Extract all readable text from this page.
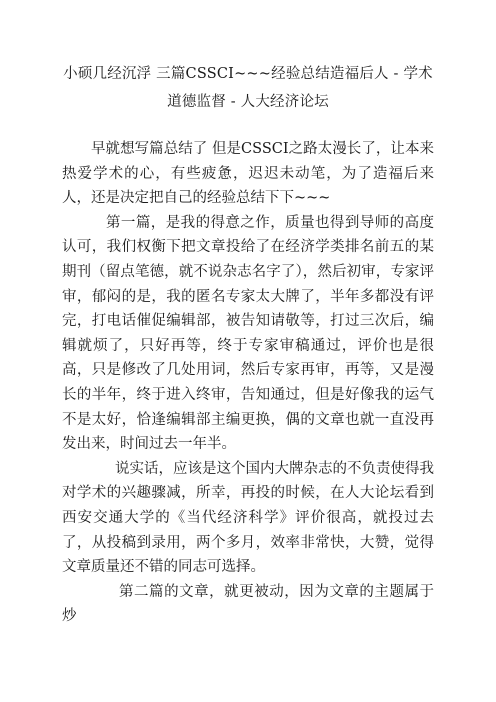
小硕几经沉浮 三篇CSSCI~~~经验总结造福后人 - 学术道德监督 - 人大经济论坛

早就想写篇总结了 但是CSSCI之路太漫长了，让本来热爱学术的心，有些疲惫，迟迟未动笔，为了造福后来人，还是决定把自己的经验总结下下~~~

第一篇，是我的得意之作，质量也得到导师的高度认可，我们权衡下把文章投给了在经济学类排名前五的某期刊（留点笔德，就不说杂志名字了），然后初审，专家评审，郁闷的是，我的匿名专家太大牌了，半年多都没有评完，打电话催促编辑部，被告知请敬等，打过三次后，编辑就烦了，只好再等，终于专家审稿通过，评价也是很高，只是修改了几处用词，然后专家再审，再等，又是漫长的半年，终于进入终审，告知通过，但是好像我的运气不是太好，恰逢编辑部主编更换，偶的文章也就一直没再发出来，时间过去一年半。

说实话，应该是这个国内大牌杂志的不负责使得我对学术的兴趣骤减，所幸，再投的时候，在人大论坛看到西安交通大学的《当代经济科学》评价很高，就投过去了，从投稿到录用，两个多月，效率非常快，大赞，觉得文章质量还不错的同志可选择。

第二篇的文章，就更被动，因为文章的主题属于炒
